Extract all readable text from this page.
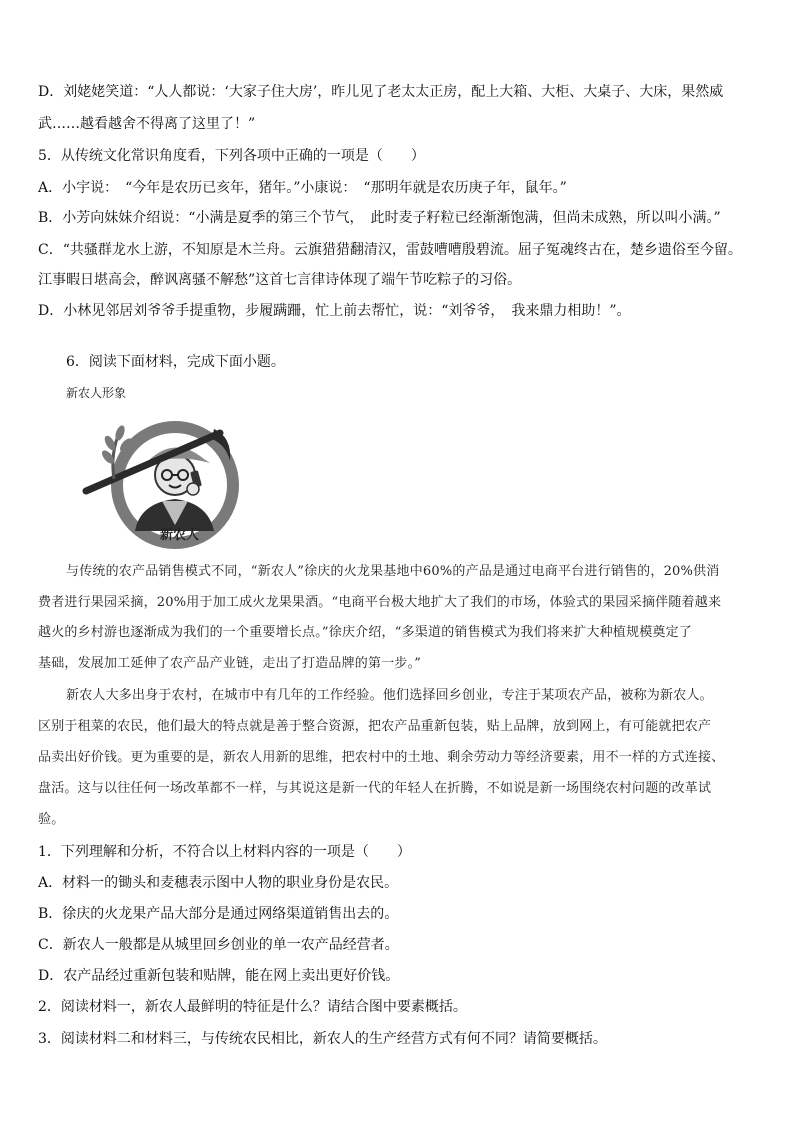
D．刘姥姥笑道：“人人都说：‘大家子住大房’，昨儿见了老太太正房，配上大箱、大柜、大桌子、大床，果然威
武……越看越舍不得离了这里了！”
5．从传统文化常识角度看，下列各项中正确的一项是（　　）
A．小宇说：　“今年是农历已亥年，猪年。”小康说：　“那明年就是农历庚子年，鼠年。”
B．小芳向妹妹介绍说：“小满是夏季的第三个节气，　此时麦子籽粒已经渐渐饱满，但尚未成熟，所以叫小满。”
C．“共骚群龙水上游，不知原是木兰舟。云旗猎猎翻清汉，雷鼓嘈嘈殷碧流。屈子冤魂终古在，楚乡遗俗至今留。
江事暇日堪高会，醉讽离骚不解愁”这首七言律诗体现了端午节吃粽子的习俗。
D．小林见邻居刘爷爷手提重物，步履蹒跚，忙上前去帮忙，说：“刘爷爷，　我来鼎力相助！”。
6．阅读下面材料，完成下面小题。
新农人形象
新农人
与传统的农产品销售模式不同，“新农人”徐庆的火龙果基地中60%的产品是通过电商平台进行销售的，20%供消
费者进行果园采摘，20%用于加工成火龙果果酒。“电商平台极大地扩大了我们的市场，体验式的果园采摘伴随着越来
越火的乡村游也逐渐成为我们的一个重要增长点。”徐庆介绍，“多渠道的销售模式为我们将来扩大种植规模奠定了
基础，发展加工延伸了农产品产业链，走出了打造品牌的第一步。”
新农人大多出身于农村，在城市中有几年的工作经验。他们选择回乡创业，专注于某项农产品，被称为新农人。
区别于租菜的农民，他们最大的特点就是善于整合资源，把农产品重新包装，贴上品牌，放到网上，有可能就把农产
品卖出好价钱。更为重要的是，新农人用新的思维，把农村中的土地、剩余劳动力等经济要素，用不一样的方式连接、
盘活。这与以往任何一场改革都不一样，与其说这是新一代的年轻人在折腾，不如说是新一场围绕农村问题的改革试
验。
1．下列理解和分析，不符合以上材料内容的一项是（　　）
A．材料一的锄头和麦穗表示图中人物的职业身份是农民。
B．徐庆的火龙果产品大部分是通过网络渠道销售出去的。
C．新农人一般都是从城里回乡创业的单一农产品经营者。
D．农产品经过重新包装和贴牌，能在网上卖出更好价钱。
2．阅读材料一，新农人最鲜明的特征是什么？请结合图中要素概括。
3．阅读材料二和材料三，与传统农民相比，新农人的生产经营方式有何不同？请简要概括。
